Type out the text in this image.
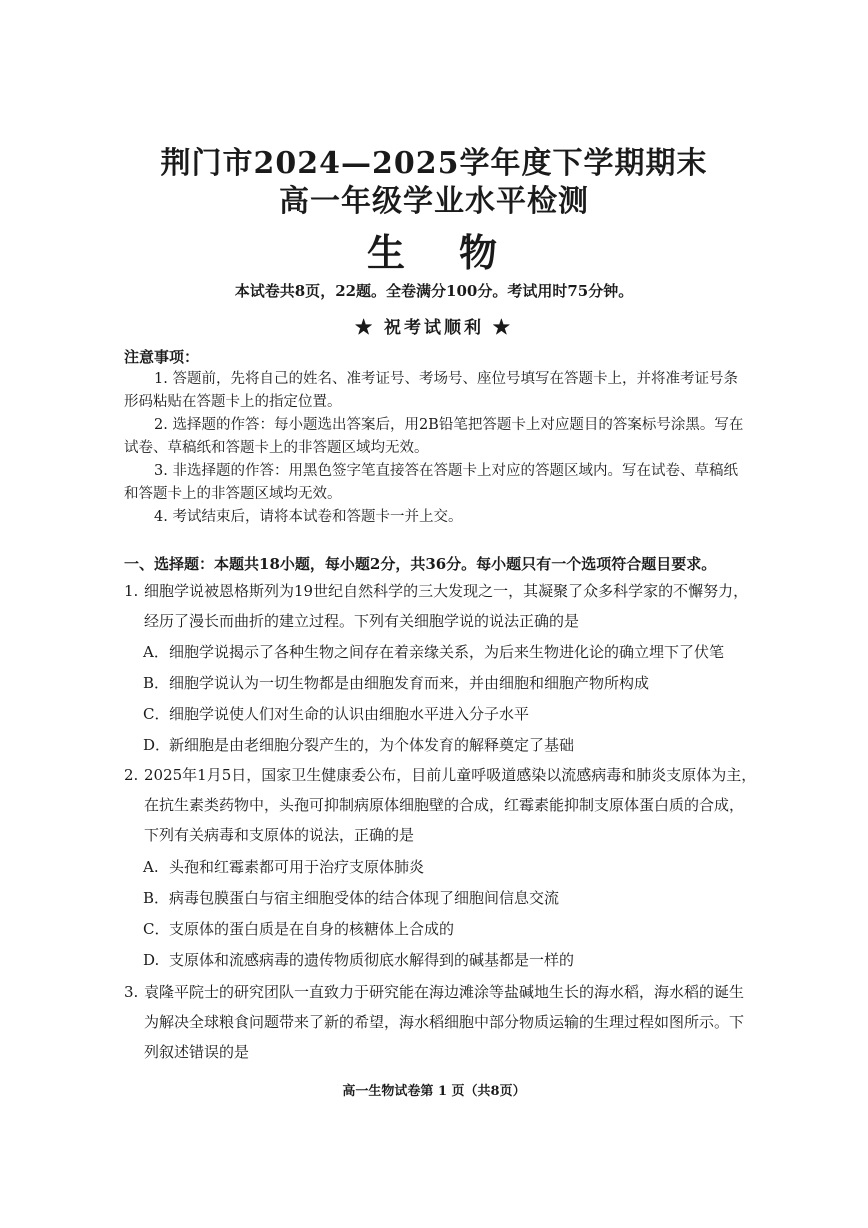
荆门市2024—2025学年度下学期期末
高一年级学业水平检测
生 物
本试卷共8页，22题。全卷满分100分。考试用时75分钟。
★ 祝考试顺利 ★
注意事项：
1. 答题前，先将自己的姓名、准考证号、考场号、座位号填写在答题卡上，并将准考证号条形码粘贴在答题卡上的指定位置。
2. 选择题的作答：每小题选出答案后，用2B铅笔把答题卡上对应题目的答案标号涂黑。写在试卷、草稿纸和答题卡上的非答题区域均无效。
3. 非选择题的作答：用黑色签字笔直接答在答题卡上对应的答题区域内。写在试卷、草稿纸和答题卡上的非答题区域均无效。
4. 考试结束后，请将本试卷和答题卡一并上交。
一、选择题：本题共18小题，每小题2分，共36分。每小题只有一个选项符合题目要求。
1. 细胞学说被恩格斯列为19世纪自然科学的三大发现之一，其凝聚了众多科学家的不懈努力，经历了漫长而曲折的建立过程。下列有关细胞学说的说法正确的是
A．细胞学说揭示了各种生物之间存在着亲缘关系，为后来生物进化论的确立埋下了伏笔
B．细胞学说认为一切生物都是由细胞发育而来，并由细胞和细胞产物所构成
C．细胞学说使人们对生命的认识由细胞水平进入分子水平
D．新细胞是由老细胞分裂产生的，为个体发育的解释奠定了基础
2. 2025年1月5日，国家卫生健康委公布，目前儿童呼吸道感染以流感病毒和肺炎支原体为主，在抗生素类药物中，头孢可抑制病原体细胞壁的合成，红霉素能抑制支原体蛋白质的合成，下列有关病毒和支原体的说法，正确的是
A. 头孢和红霉素都可用于治疗支原体肺炎
B．病毒包膜蛋白与宿主细胞受体的结合体现了细胞间信息交流
C．支原体的蛋白质是在自身的核糖体上合成的
D. 支原体和流感病毒的遗传物质彻底水解得到的碱基都是一样的
3. 袁隆平院士的研究团队一直致力于研究能在海边滩涂等盐碱地生长的海水稻，海水稻的诞生为解决全球粮食问题带来了新的希望，海水稻细胞中部分物质运输的生理过程如图所示。下列叙述错误的是
高一生物试卷第 1 页（共8页）
